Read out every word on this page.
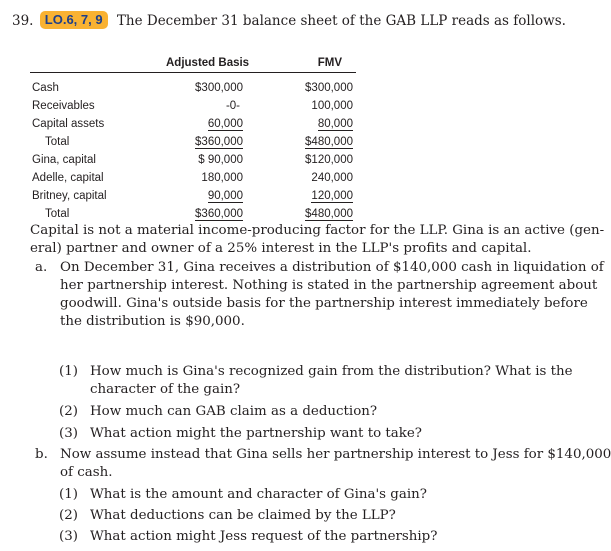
39. LO.6, 7, 9 The December 31 balance sheet of the GAB LLP reads as follows.
Adjusted Basis	FMV
Cash	$300,000	$300,000
Receivables	-0-	100,000
Capital assets	60,000	80,000
Total	$360,000	$480,000
Gina, capital	$ 90,000	$120,000
Adelle, capital	180,000	240,000
Britney, capital	90,000	120,000
Total	$360,000	$480,000
Capital is not a material income-producing factor for the LLP. Gina is an active (gen-
eral) partner and owner of a 25% interest in the LLP's profits and capital.
a. On December 31, Gina receives a distribution of $140,000 cash in liquidation of
her partnership interest. Nothing is stated in the partnership agreement about
goodwill. Gina's outside basis for the partnership interest immediately before
the distribution is $90,000.
(1) How much is Gina's recognized gain from the distribution? What is the
character of the gain?
(2) How much can GAB claim as a deduction?
(3) What action might the partnership want to take?
b. Now assume instead that Gina sells her partnership interest to Jess for $140,000
of cash.
(1) What is the amount and character of Gina's gain?
(2) What deductions can be claimed by the LLP?
(3) What action might Jess request of the partnership?
